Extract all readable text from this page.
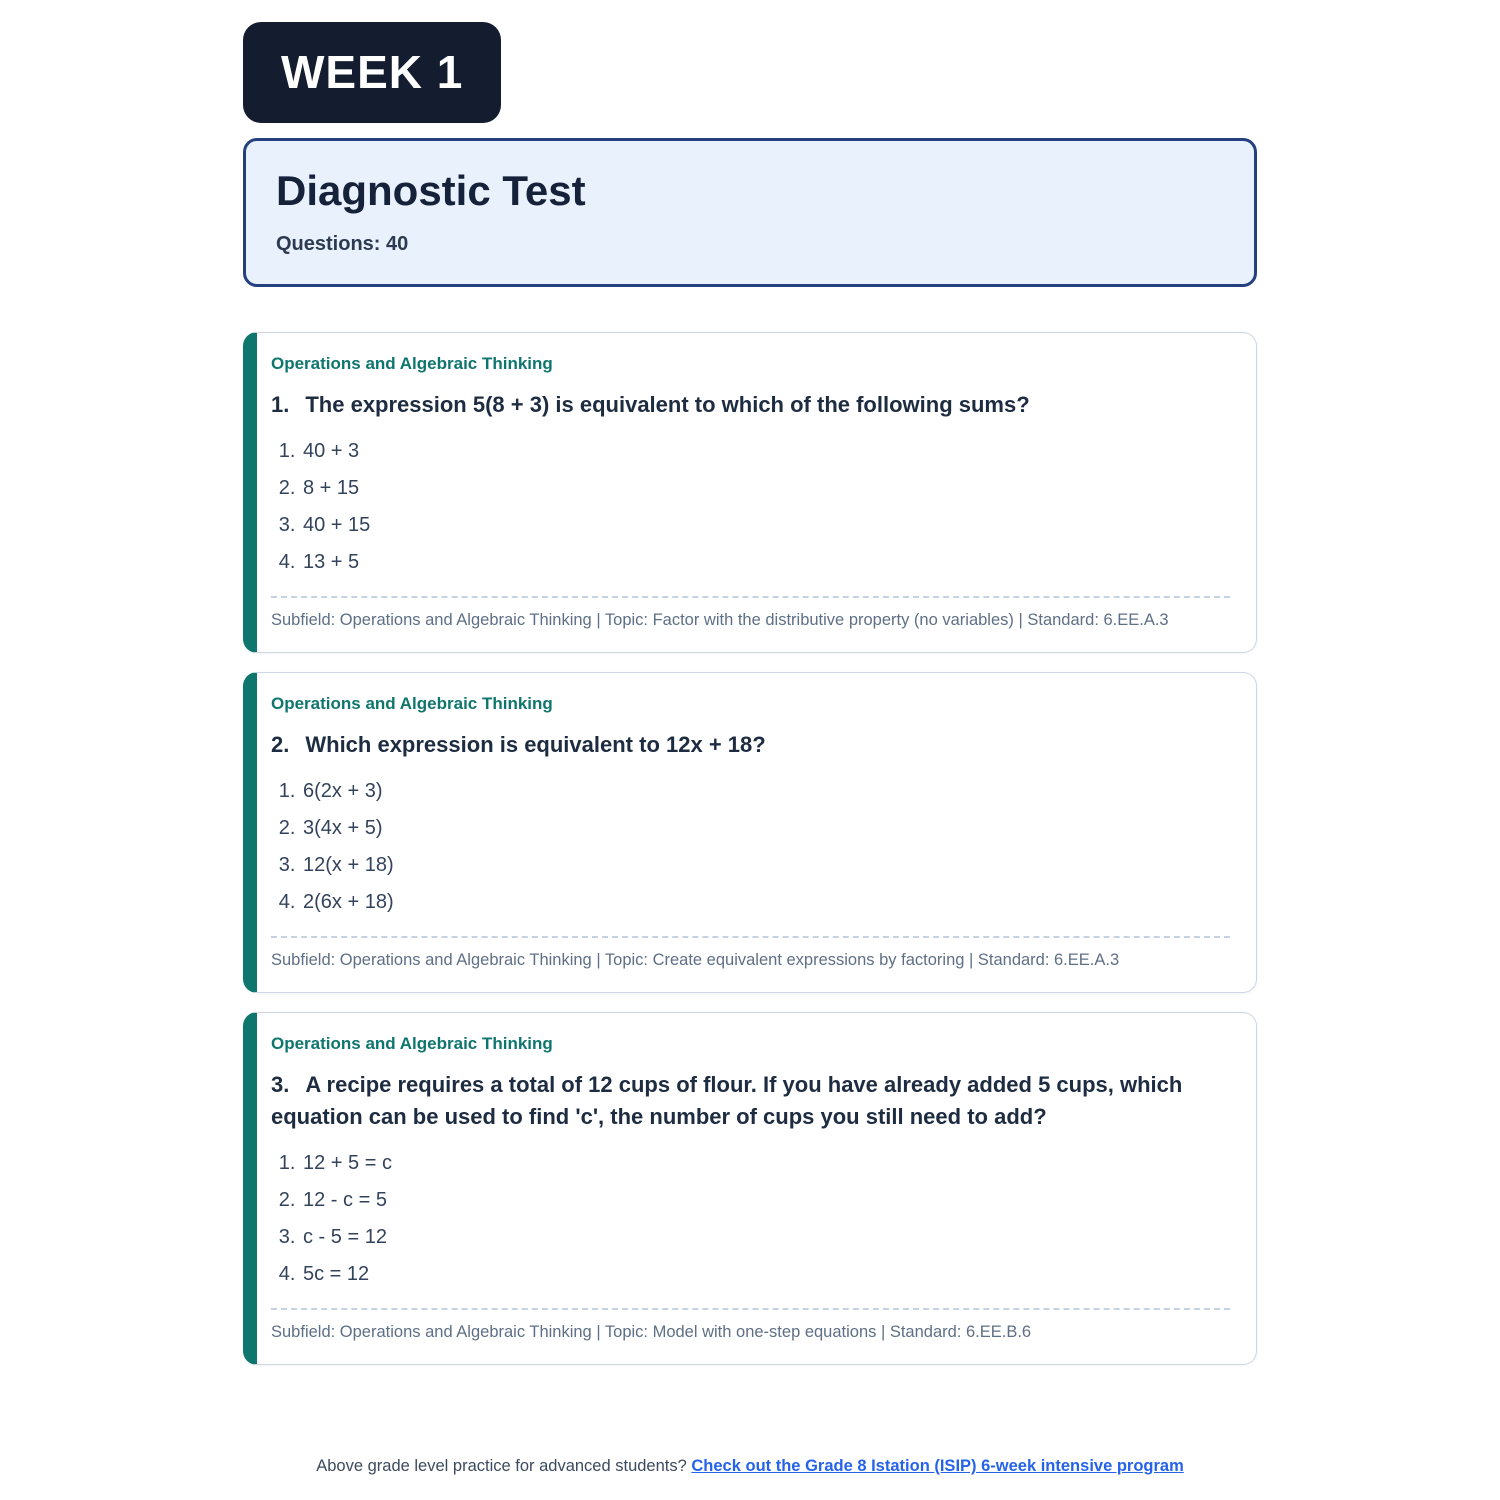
WEEK 1
Diagnostic Test
Questions: 40
Operations and Algebraic Thinking
1. The expression 5(8 + 3) is equivalent to which of the following sums?
1. 40 + 3
2. 8 + 15
3. 40 + 15
4. 13 + 5
Subfield: Operations and Algebraic Thinking | Topic: Factor with the distributive property (no variables) | Standard: 6.EE.A.3
Operations and Algebraic Thinking
2. Which expression is equivalent to 12x + 18?
1. 6(2x + 3)
2. 3(4x + 5)
3. 12(x + 18)
4. 2(6x + 18)
Subfield: Operations and Algebraic Thinking | Topic: Create equivalent expressions by factoring | Standard: 6.EE.A.3
Operations and Algebraic Thinking
3. A recipe requires a total of 12 cups of flour. If you have already added 5 cups, which equation can be used to find 'c', the number of cups you still need to add?
1. 12 + 5 = c
2. 12 - c = 5
3. c - 5 = 12
4. 5c = 12
Subfield: Operations and Algebraic Thinking | Topic: Model with one-step equations | Standard: 6.EE.B.6
Above grade level practice for advanced students? Check out the Grade 8 Istation (ISIP) 6-week intensive program
